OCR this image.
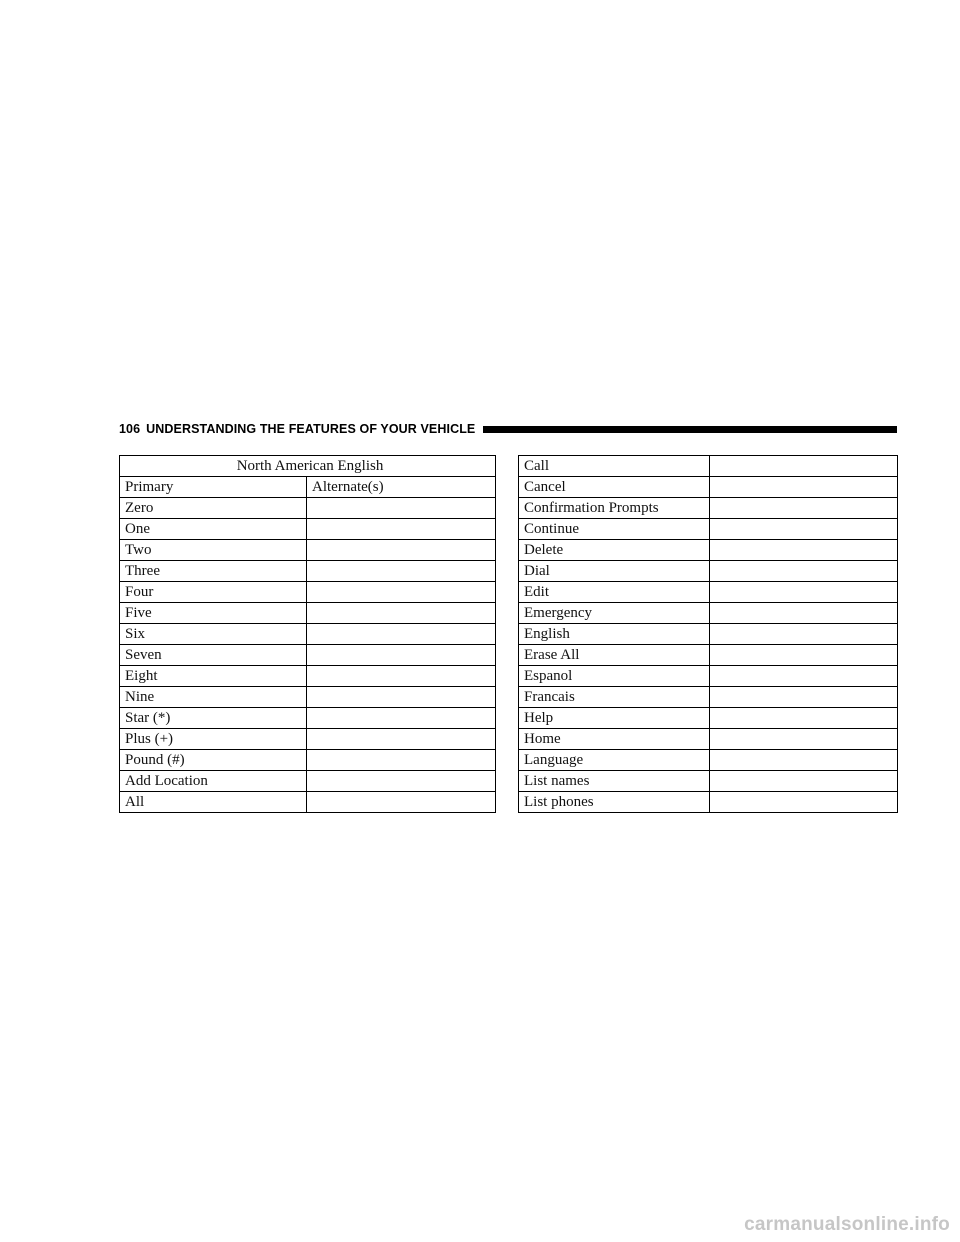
106 UNDERSTANDING THE FEATURES OF YOUR VEHICLE
North American English	
Primary	Alternate(s)
Zero	
One	
Two	
Three	
Four	
Five	
Six	
Seven	
Eight	
Nine	
Star (*)	
Plus (+)	
Pound (#)	
Add Location	
All	
Call	
Cancel	
Confirmation Prompts	
Continue	
Delete	
Dial	
Edit	
Emergency	
English	
Erase All	
Espanol	
Francais	
Help	
Home	
Language	
List names	
List phones	
carmanualsonline.info
